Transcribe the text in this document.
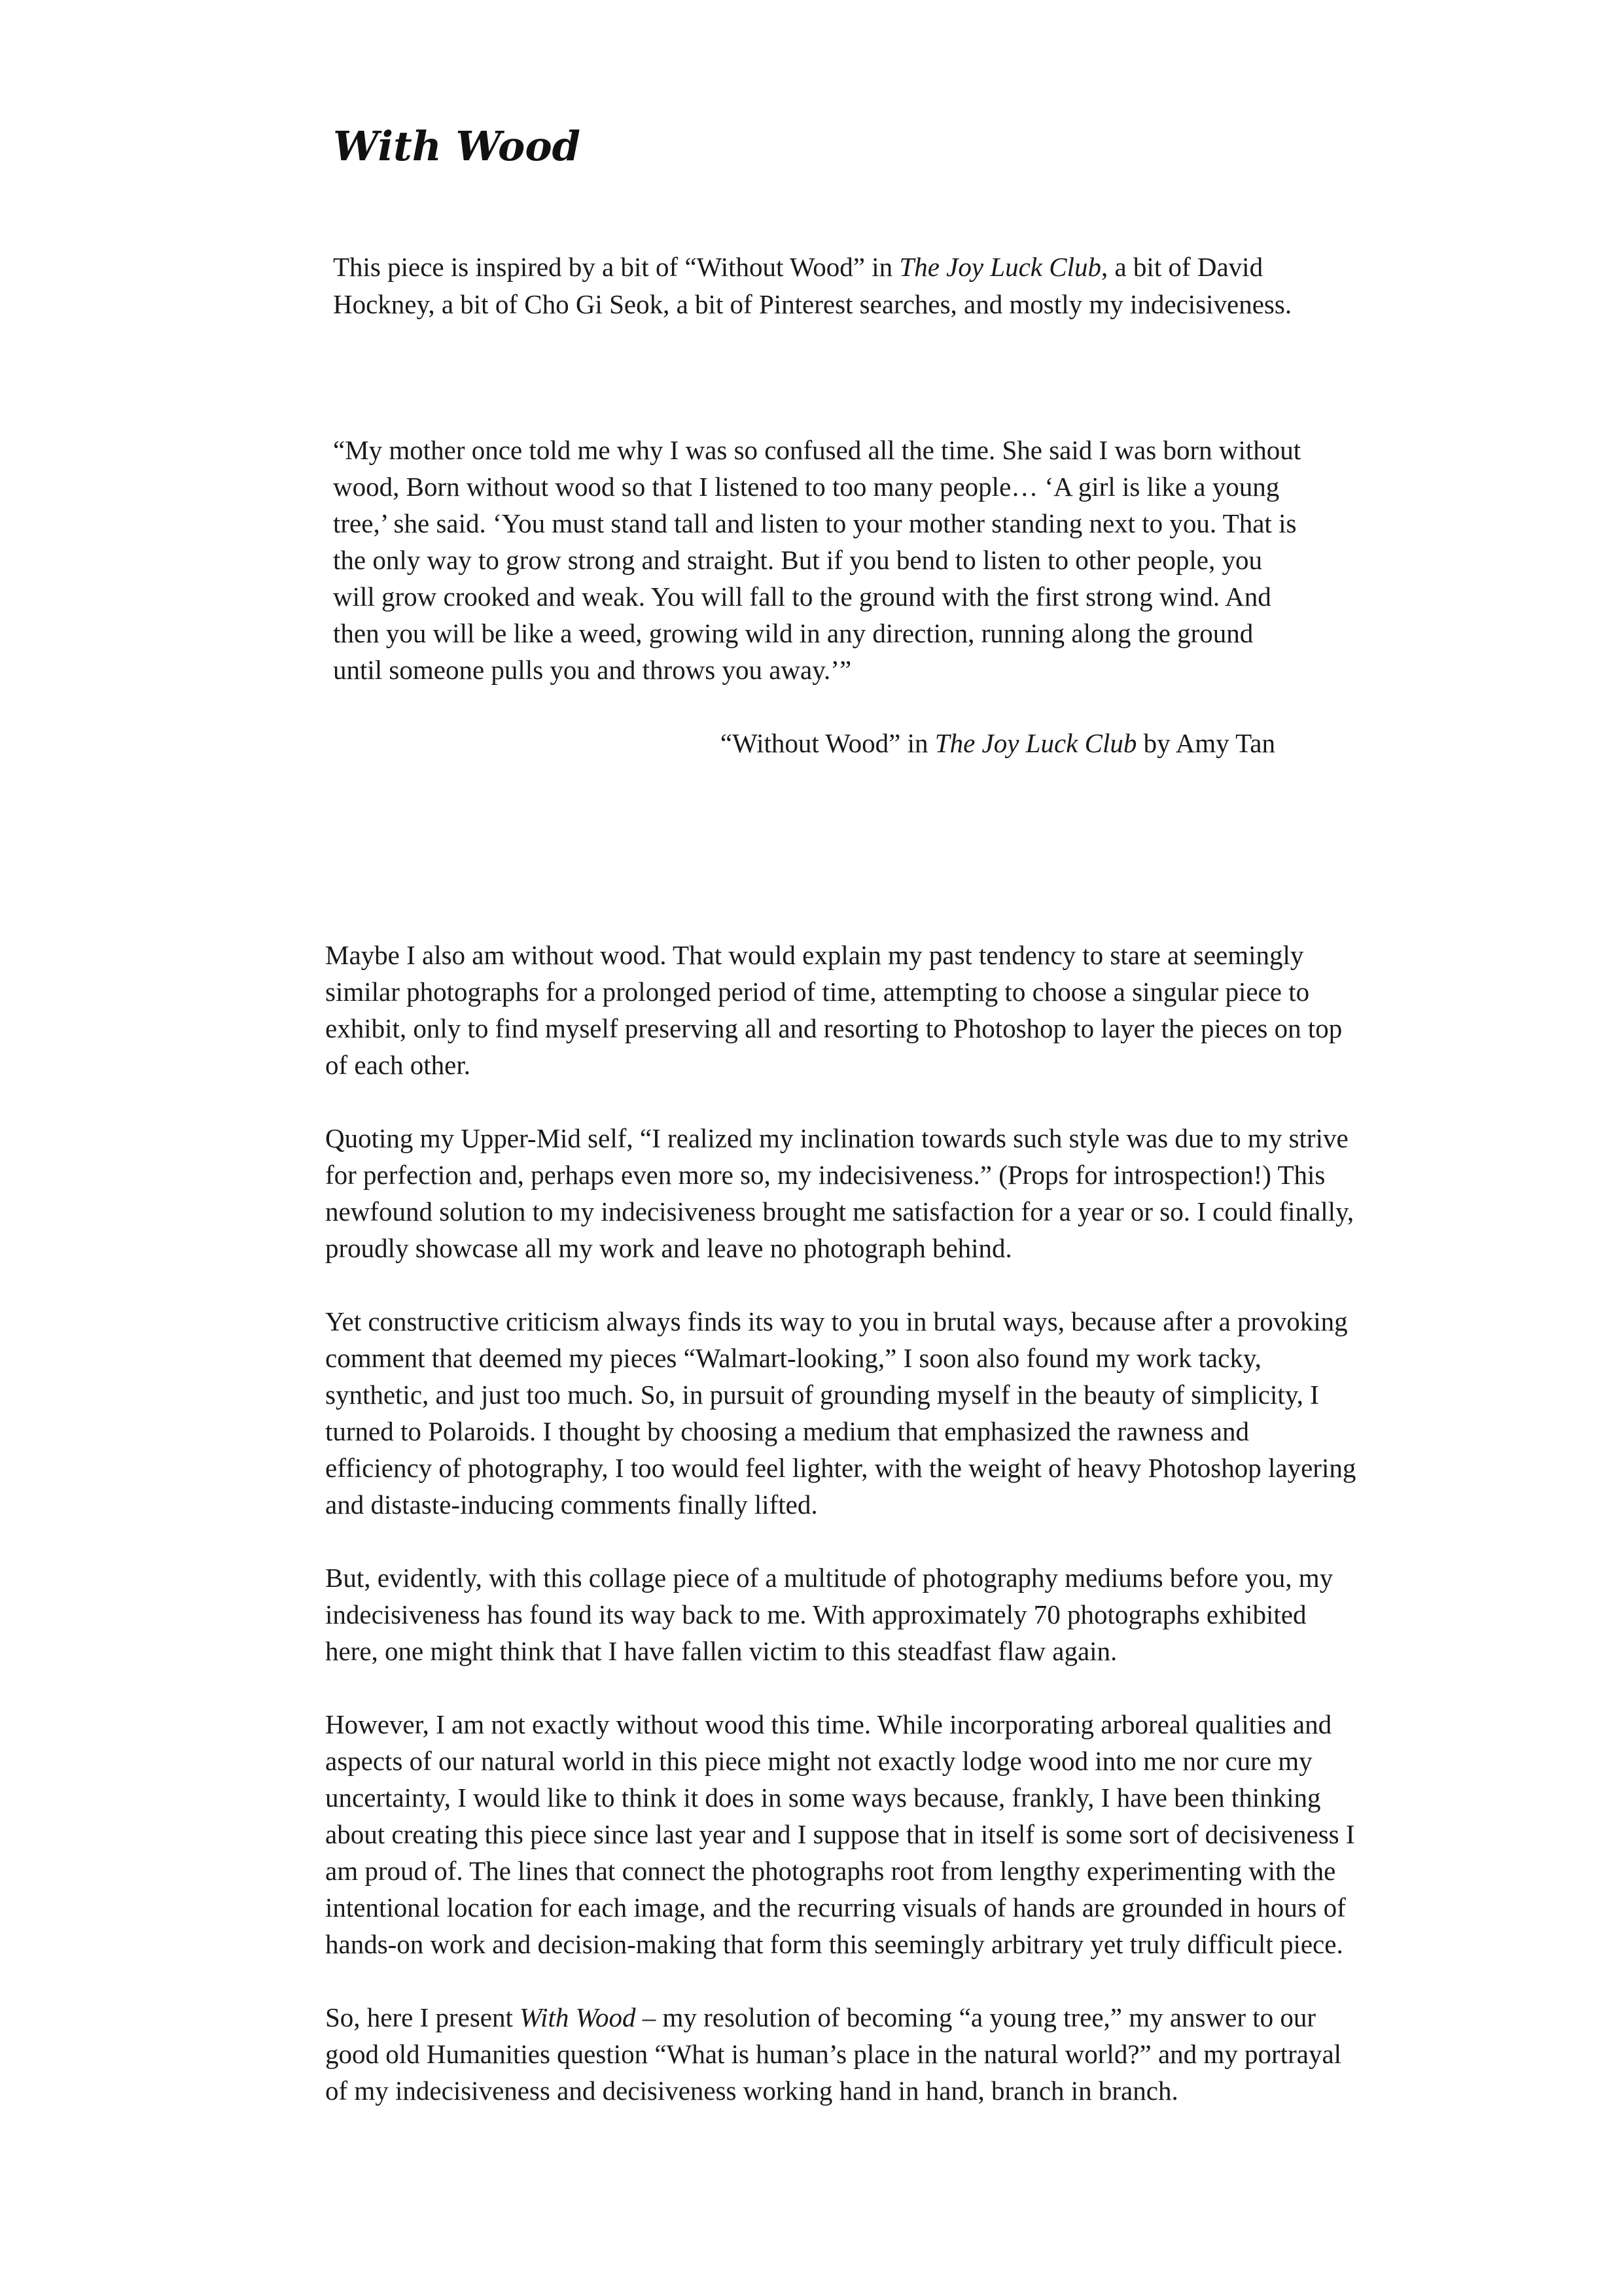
With Wood

This piece is inspired by a bit of “Without Wood” in The Joy Luck Club, a bit of David Hockney, a bit of Cho Gi Seok, a bit of Pinterest searches, and mostly my indecisiveness.

“My mother once told me why I was so confused all the time. She said I was born without wood, Born without wood so that I listened to too many people… ‘A girl is like a young tree,’ she said. ‘You must stand tall and listen to your mother standing next to you. That is the only way to grow strong and straight. But if you bend to listen to other people, you will grow crooked and weak. You will fall to the ground with the first strong wind. And then you will be like a weed, growing wild in any direction, running along the ground until someone pulls you and throws you away.’”

“Without Wood” in The Joy Luck Club by Amy Tan

Maybe I also am without wood. That would explain my past tendency to stare at seemingly similar photographs for a prolonged period of time, attempting to choose a singular piece to exhibit, only to find myself preserving all and resorting to Photoshop to layer the pieces on top of each other.

Quoting my Upper-Mid self, “I realized my inclination towards such style was due to my strive for perfection and, perhaps even more so, my indecisiveness.” (Props for introspection!) This newfound solution to my indecisiveness brought me satisfaction for a year or so. I could finally, proudly showcase all my work and leave no photograph behind.

Yet constructive criticism always finds its way to you in brutal ways, because after a provoking comment that deemed my pieces “Walmart-looking,” I soon also found my work tacky, synthetic, and just too much. So, in pursuit of grounding myself in the beauty of simplicity, I turned to Polaroids. I thought by choosing a medium that emphasized the rawness and efficiency of photography, I too would feel lighter, with the weight of heavy Photoshop layering and distaste-inducing comments finally lifted.

But, evidently, with this collage piece of a multitude of photography mediums before you, my indecisiveness has found its way back to me. With approximately 70 photographs exhibited here, one might think that I have fallen victim to this steadfast flaw again.

However, I am not exactly without wood this time. While incorporating arboreal qualities and aspects of our natural world in this piece might not exactly lodge wood into me nor cure my uncertainty, I would like to think it does in some ways because, frankly, I have been thinking about creating this piece since last year and I suppose that in itself is some sort of decisiveness I am proud of. The lines that connect the photographs root from lengthy experimenting with the intentional location for each image, and the recurring visuals of hands are grounded in hours of hands-on work and decision-making that form this seemingly arbitrary yet truly difficult piece.

So, here I present With Wood – my resolution of becoming “a young tree,” my answer to our good old Humanities question “What is human’s place in the natural world?” and my portrayal of my indecisiveness and decisiveness working hand in hand, branch in branch.
